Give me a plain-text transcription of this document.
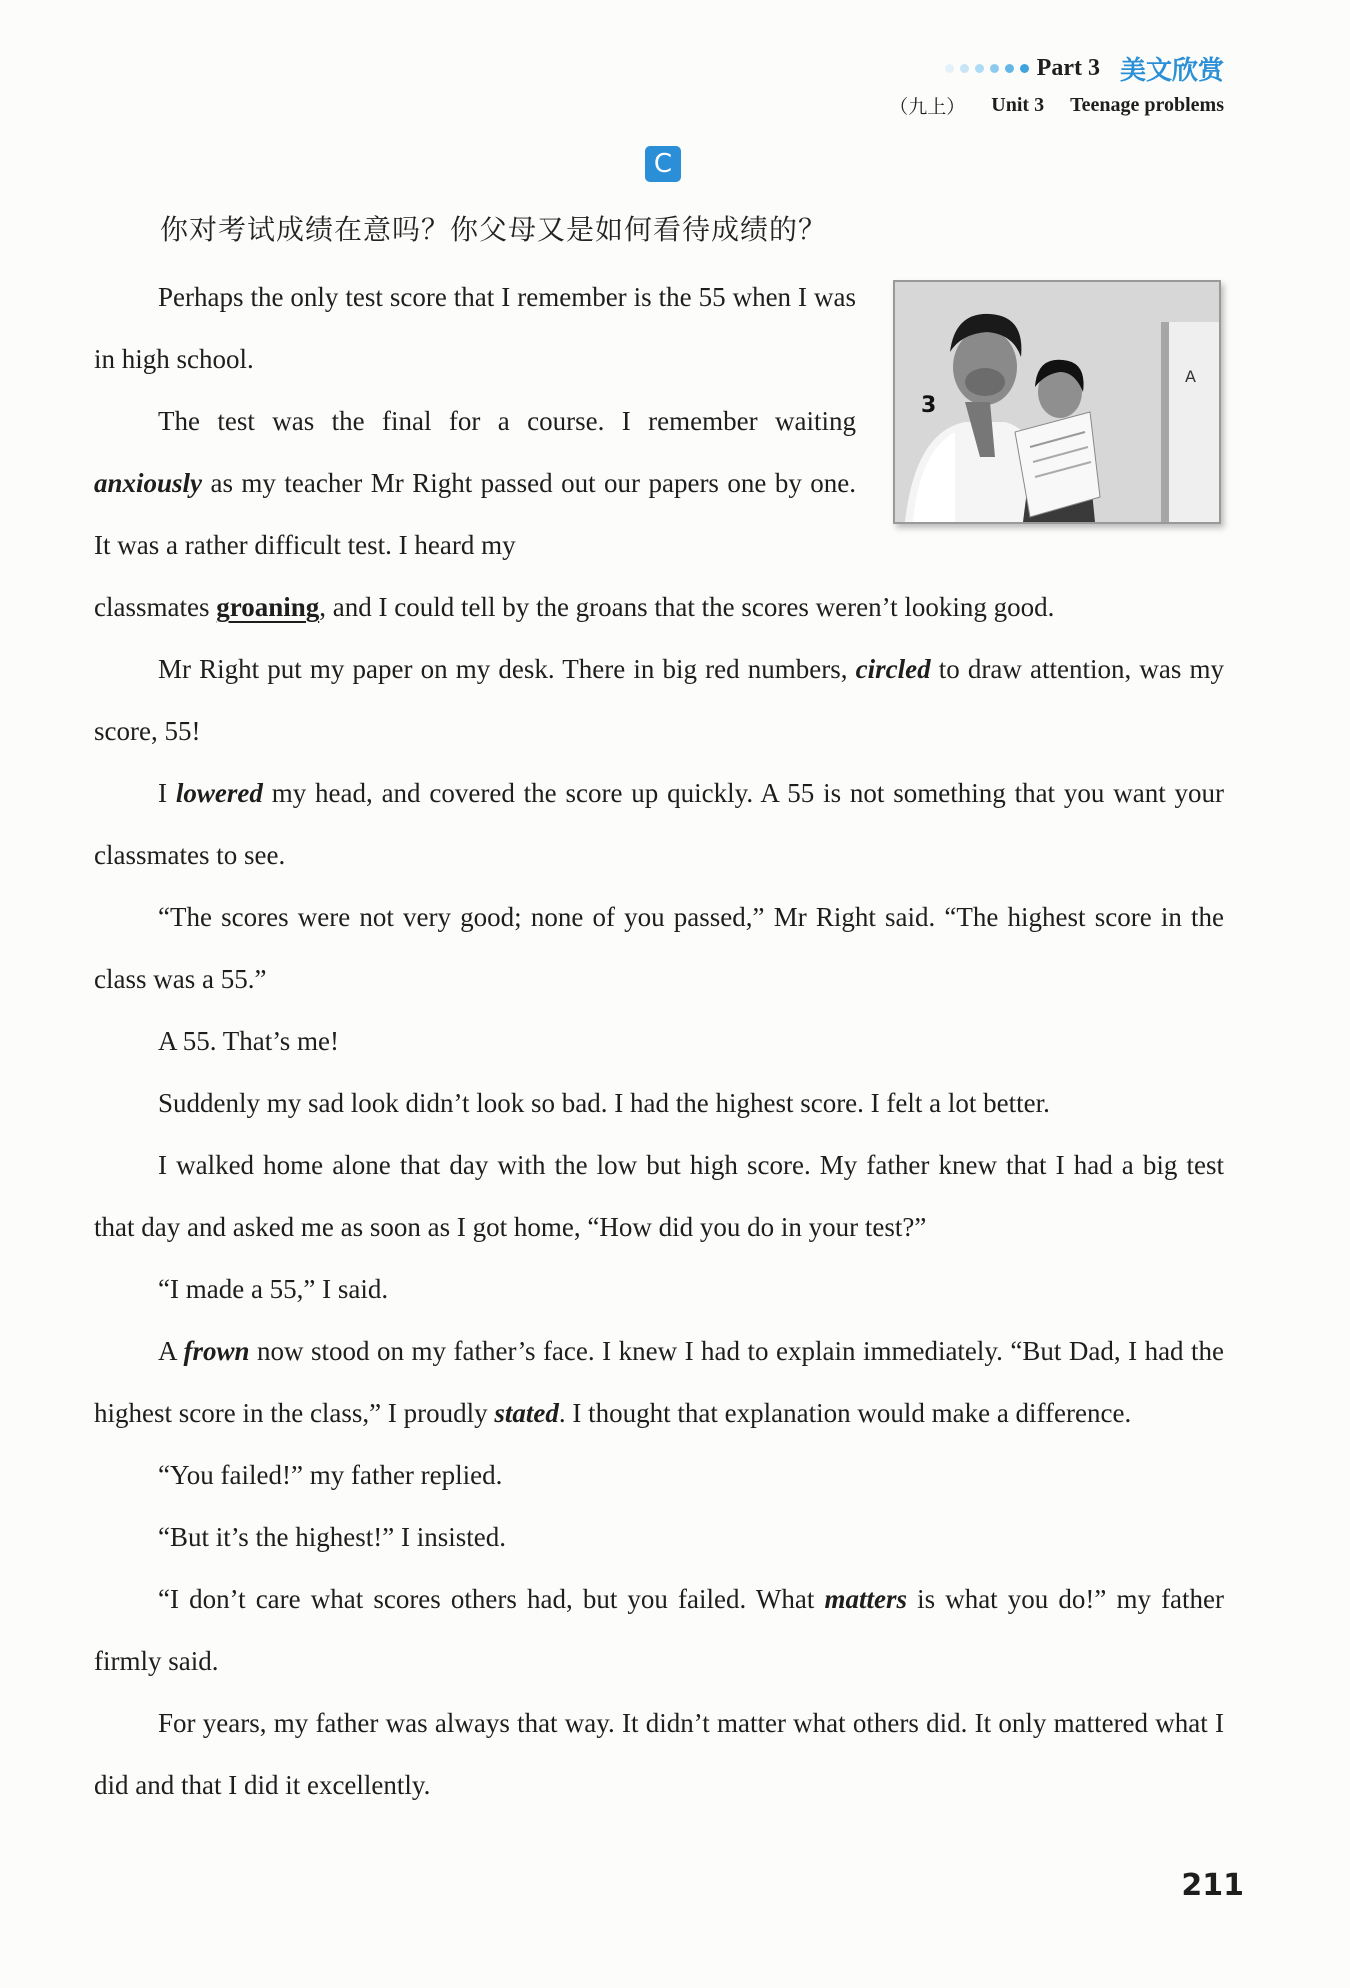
Part 3 美文欣赏
（九上） Unit 3 Teenage problems
C
你对考试成绩在意吗？你父母又是如何看待成绩的？
A
3

Perhaps the only test score that I remember is the 55 when I was in high school.

The test was the final for a course. I remember waiting anxiously as my teacher Mr Right passed out our papers one by one. It was a rather difficult test. I heard my

classmates groaning, and I could tell by the groans that the scores weren’t looking good.

Mr Right put my paper on my desk. There in big red numbers, circled to draw attention, was my score, 55!

I lowered my head, and covered the score up quickly. A 55 is not something that you want your classmates to see.

“The scores were not very good; none of you passed,” Mr Right said. “The highest score in the class was a 55.”

A 55. That’s me!

Suddenly my sad look didn’t look so bad. I had the highest score. I felt a lot better.

I walked home alone that day with the low but high score. My father knew that I had a big test that day and asked me as soon as I got home, “How did you do in your test?”

“I made a 55,” I said.

A frown now stood on my father’s face. I knew I had to explain immediately. “But Dad, I had the highest score in the class,” I proudly stated. I thought that explanation would make a difference.

“You failed!” my father replied.

“But it’s the highest!” I insisted.

“I don’t care what scores others had, but you failed. What matters is what you do!” my father firmly said.

For years, my father was always that way. It didn’t matter what others did. It only mattered what I did and that I did it excellently.

211
